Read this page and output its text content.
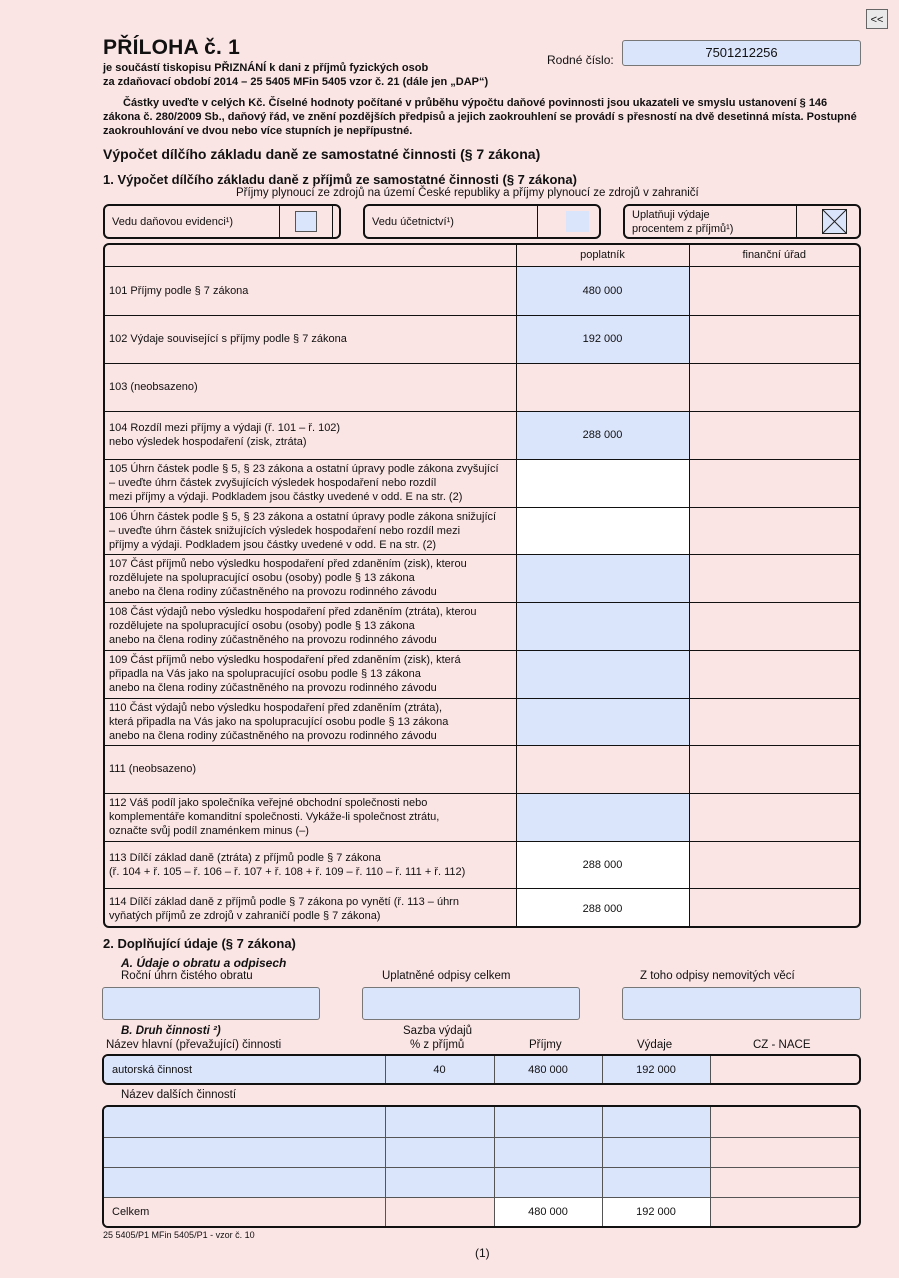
<<
PŘÍLOHA č. 1
je součástí tiskopisu PŘIZNÁNÍ k dani z příjmů fyzických osob
za zdaňovací období 2014 – 25 5405 MFin 5405 vzor č. 21 (dále jen „DAP“)
Rodné číslo:	7501212256
Částky uveďte v celých Kč. Číselné hodnoty počítané v průběhu výpočtu daňové povinnosti jsou ukazateli ve smyslu ustanovení § 146 zákona č. 280/2009 Sb., daňový řád, ve znění pozdějších předpisů a jejich zaokrouhlení se provádí s přesností na dvě desetinná místa. Postupné zaokrouhlování ve dvou nebo více stupních je nepřípustné.
Výpočet dílčího základu daně ze samostatné činnosti (§ 7 zákona)
1. Výpočet dílčího základu daně z příjmů ze samostatné činnosti (§ 7 zákona)
Příjmy plynoucí ze zdrojů na území České republiky a příjmy plynoucí ze zdrojů v zahraničí
Vedu daňovou evidenci¹)	Vedu účetnictví¹)
Uplatňuji výdaje
procentem z příjmů¹)
	poplatník	finanční úřad
101 Příjmy podle § 7 zákona	480 000	
102 Výdaje související s příjmy podle § 7 zákona	192 000	
103 (neobsazeno)		
104 Rozdíl mezi příjmy a výdaji (ř. 101 – ř. 102)
nebo výsledek hospodaření (zisk, ztráta)	288 000	
105 Úhrn částek podle § 5, § 23 zákona a ostatní úpravy podle zákona zvyšující
– uveďte úhrn částek zvyšujících výsledek hospodaření nebo rozdíl
mezi příjmy a výdaji. Podkladem jsou částky uvedené v odd. E na str. (2)		
106 Úhrn částek podle § 5, § 23 zákona a ostatní úpravy podle zákona snižující
– uveďte úhrn částek snižujících výsledek hospodaření nebo rozdíl mezi
příjmy a výdaji. Podkladem jsou částky uvedené v odd. E na str. (2)		
107 Část příjmů nebo výsledku hospodaření před zdaněním (zisk), kterou
rozdělujete na spolupracující osobu (osoby) podle § 13 zákona
anebo na člena rodiny zúčastněného na provozu rodinného závodu		
108 Část výdajů nebo výsledku hospodaření před zdaněním (ztráta), kterou
rozdělujete na spolupracující osobu (osoby) podle § 13 zákona
anebo na člena rodiny zúčastněného na provozu rodinného závodu		
109 Část příjmů nebo výsledku hospodaření před zdaněním (zisk), která
připadla na Vás jako na spolupracující osobu podle § 13 zákona
anebo na člena rodiny zúčastněného na provozu rodinného závodu		
110 Část výdajů nebo výsledku hospodaření před zdaněním (ztráta),
která připadla na Vás jako na spolupracující osobu podle § 13 zákona
anebo na člena rodiny zúčastněného na provozu rodinného závodu		
111 (neobsazeno)		
112 Váš podíl jako společníka veřejné obchodní společnosti nebo
komplementáře komanditní společnosti. Vykáže-li společnost ztrátu,
označte svůj podíl znaménkem minus (–)		
113 Dílčí základ daně (ztráta) z příjmů podle § 7 zákona
(ř. 104 + ř. 105 – ř. 106 – ř. 107 + ř. 108 + ř. 109 – ř. 110 – ř. 111 + ř. 112)	288 000	
114 Dílčí základ daně z příjmů podle § 7 zákona po vynětí (ř. 113 – úhrn
vyňatých příjmů ze zdrojů v zahraničí podle § 7 zákona)	288 000	
2. Doplňující údaje (§ 7 zákona)
A. Údaje o obratu a odpisech
Roční úhrn čistého obratu	Uplatněné odpisy celkem	Z toho odpisy nemovitých věcí
B. Druh činnosti ²)
Název hlavní (převažující) činnosti
Sazba výdajů
% z příjmů	Příjmy	Výdaje	CZ - NACE
autorská činnost	40	480 000	192 000	
Název dalších činností

Celkem		480 000	192 000	
25 5405/P1 MFin 5405/P1 - vzor č. 10
(1)
